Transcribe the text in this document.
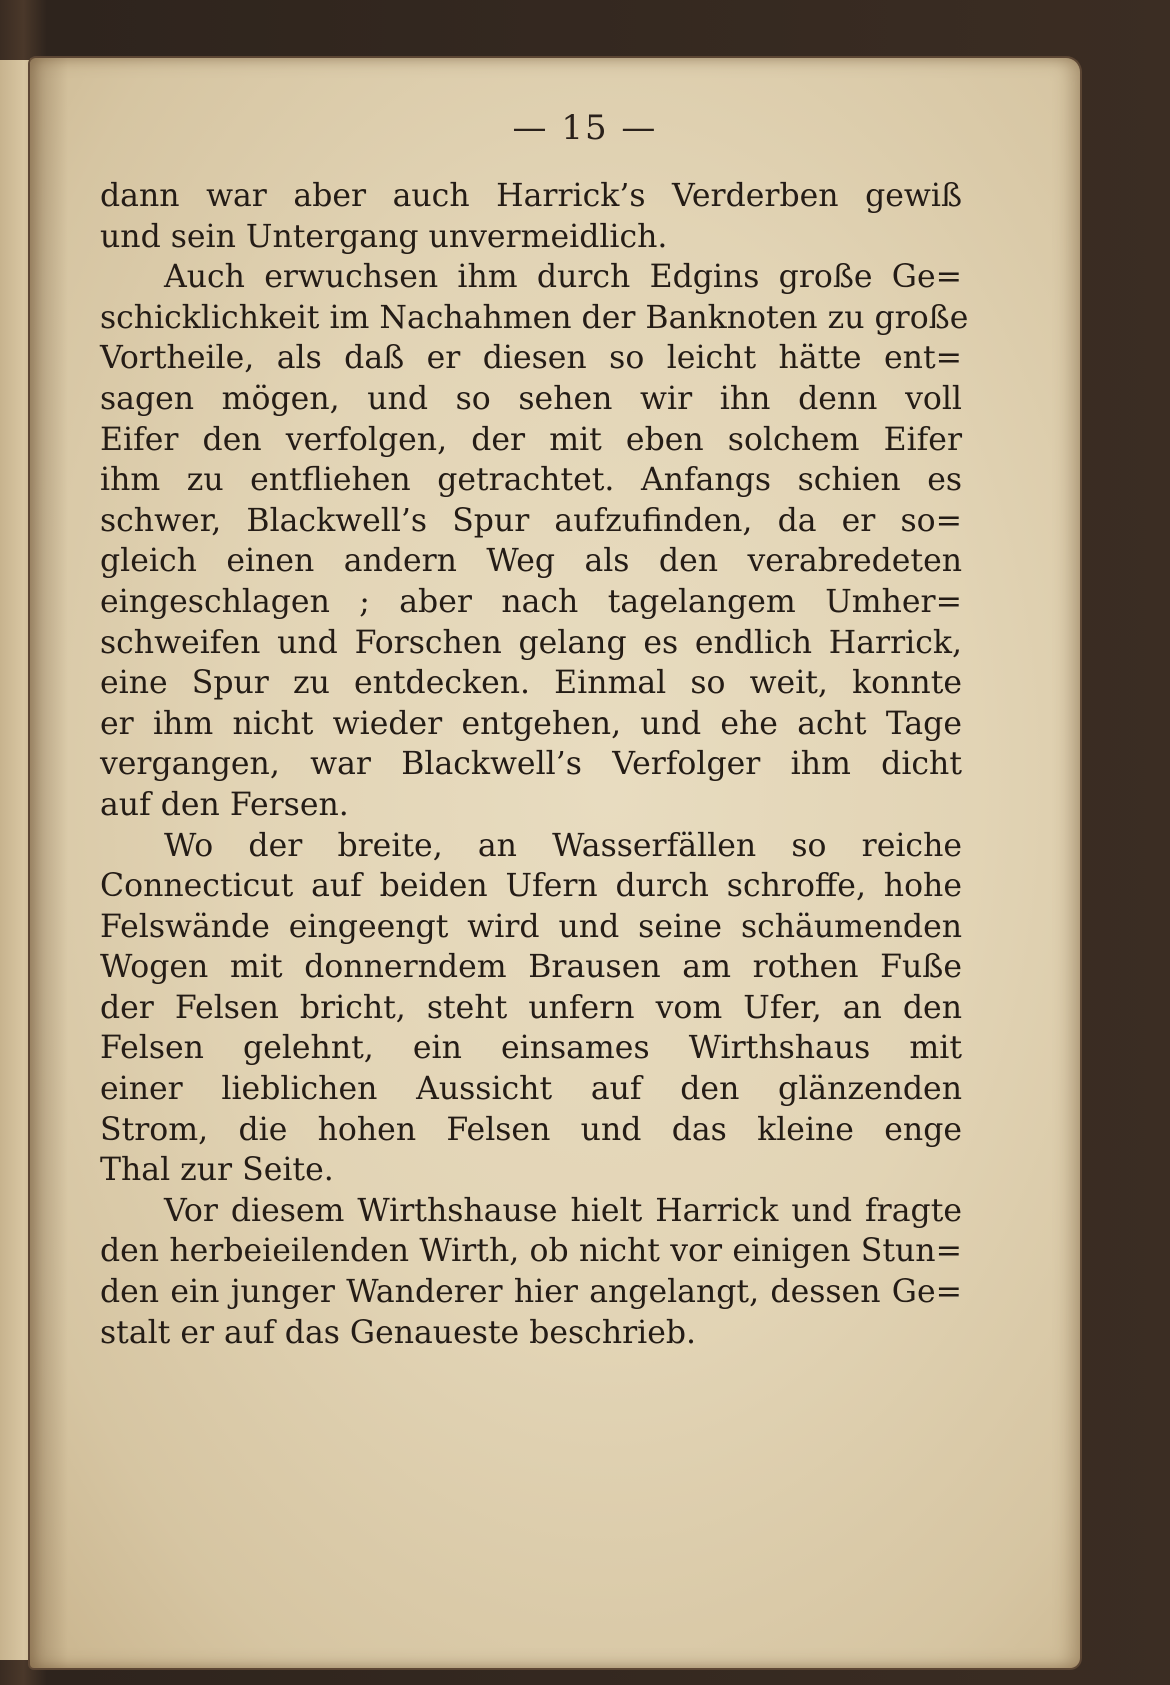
— 15 —
dann war aber auch Harrick’s Verderben gewiß
und sein Untergang unvermeidlich.
Auch erwuchsen ihm durch Edgins große Ge=
schicklichkeit im Nachahmen der Banknoten zu große
Vortheile, als daß er diesen so leicht hätte ent=
sagen mögen, und so sehen wir ihn denn voll
Eifer den verfolgen, der mit eben solchem Eifer
ihm zu entfliehen getrachtet. Anfangs schien es
schwer, Blackwell’s Spur aufzufinden, da er so=
gleich einen andern Weg als den verabredeten
eingeschlagen ; aber nach tagelangem Umher=
schweifen und Forschen gelang es endlich Harrick,
eine Spur zu entdecken. Einmal so weit, konnte
er ihm nicht wieder entgehen, und ehe acht Tage
vergangen, war Blackwell’s Verfolger ihm dicht
auf den Fersen.
Wo der breite, an Wasserfällen so reiche
Connecticut auf beiden Ufern durch schroffe, hohe
Felswände eingeengt wird und seine schäumenden
Wogen mit donnerndem Brausen am rothen Fuße
der Felsen bricht, steht unfern vom Ufer, an den
Felsen gelehnt, ein einsames Wirthshaus mit
einer lieblichen Aussicht auf den glänzenden
Strom, die hohen Felsen und das kleine enge
Thal zur Seite.
Vor diesem Wirthshause hielt Harrick und fragte
den herbeieilenden Wirth, ob nicht vor einigen Stun=
den ein junger Wanderer hier angelangt, dessen Ge=
stalt er auf das Genaueste beschrieb.
